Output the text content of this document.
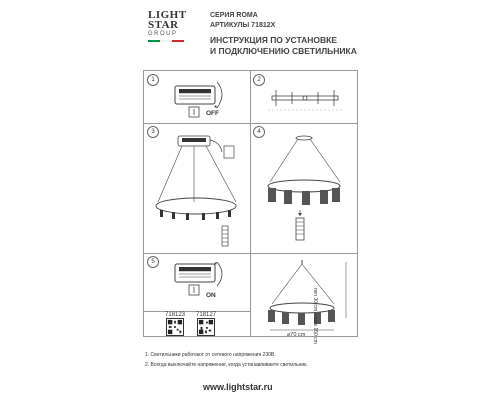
LIGHT
STAR
GROUP
СЕРИЯ ROMA
АРТИКУЛЫ 71812X
ИНСТРУКЦИЯ ПО УСТАНОВКЕ
И ПОДКЛЮЧЕНИЮ СВЕТИЛЬНИКА
1	2
3	4
5
OFF
ON
718123 718127
⌀70 cm min 30 cm – max 150 cm
1. Светильники работают от сетевого напряжения 230В.
2. Всегда выключайте напряжение, когда устанавливаете светильник.
www.lightstar.ru
